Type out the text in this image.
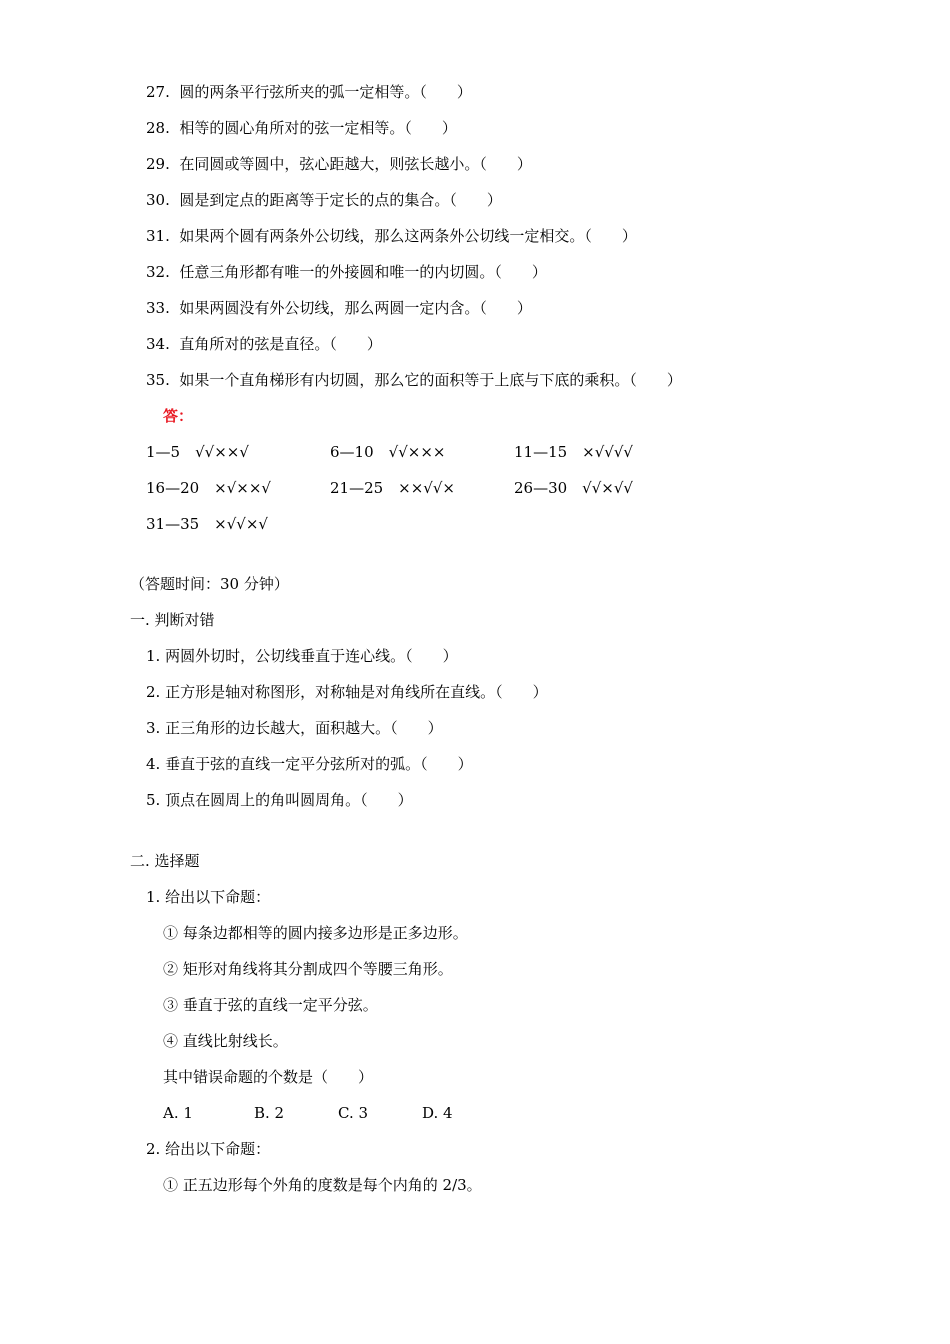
27. 圆的两条平行弦所夹的弧一定相等。（　　）
28. 相等的圆心角所对的弦一定相等。（　　）
29. 在同圆或等圆中，弦心距越大，则弦长越小。（　　）
30. 圆是到定点的距离等于定长的点的集合。（　　）
31. 如果两个圆有两条外公切线，那么这两条外公切线一定相交。（　　）
32. 任意三角形都有唯一的外接圆和唯一的内切圆。（　　）
33. 如果两圆没有外公切线，那么两圆一定内含。（　　）
34. 直角所对的弦是直径。（　　）
35. 如果一个直角梯形有内切圆，那么它的面积等于上底与下底的乘积。（　　）
答：
1—5　√√××√	6—10　√√×××	11—15　×√√√√
16—20　×√××√	21—25　××√√×	26—30　√√×√√
31—35　×√√×√
（答题时间：30 分钟）
一. 判断对错
1. 两圆外切时，公切线垂直于连心线。（　　）
2. 正方形是轴对称图形，对称轴是对角线所在直线。（　　）
3. 正三角形的边长越大，面积越大。（　　）
4. 垂直于弦的直线一定平分弦所对的弧。（　　）
5. 顶点在圆周上的角叫圆周角。（　　）
二. 选择题
1. 给出以下命题：
① 每条边都相等的圆内接多边形是正多边形。
② 矩形对角线将其分割成四个等腰三角形。
③ 垂直于弦的直线一定平分弦。
④ 直线比射线长。
其中错误命题的个数是（　　）
A. 1	B. 2	C. 3	D. 4
2. 给出以下命题：
① 正五边形每个外角的度数是每个内角的 2/3。
